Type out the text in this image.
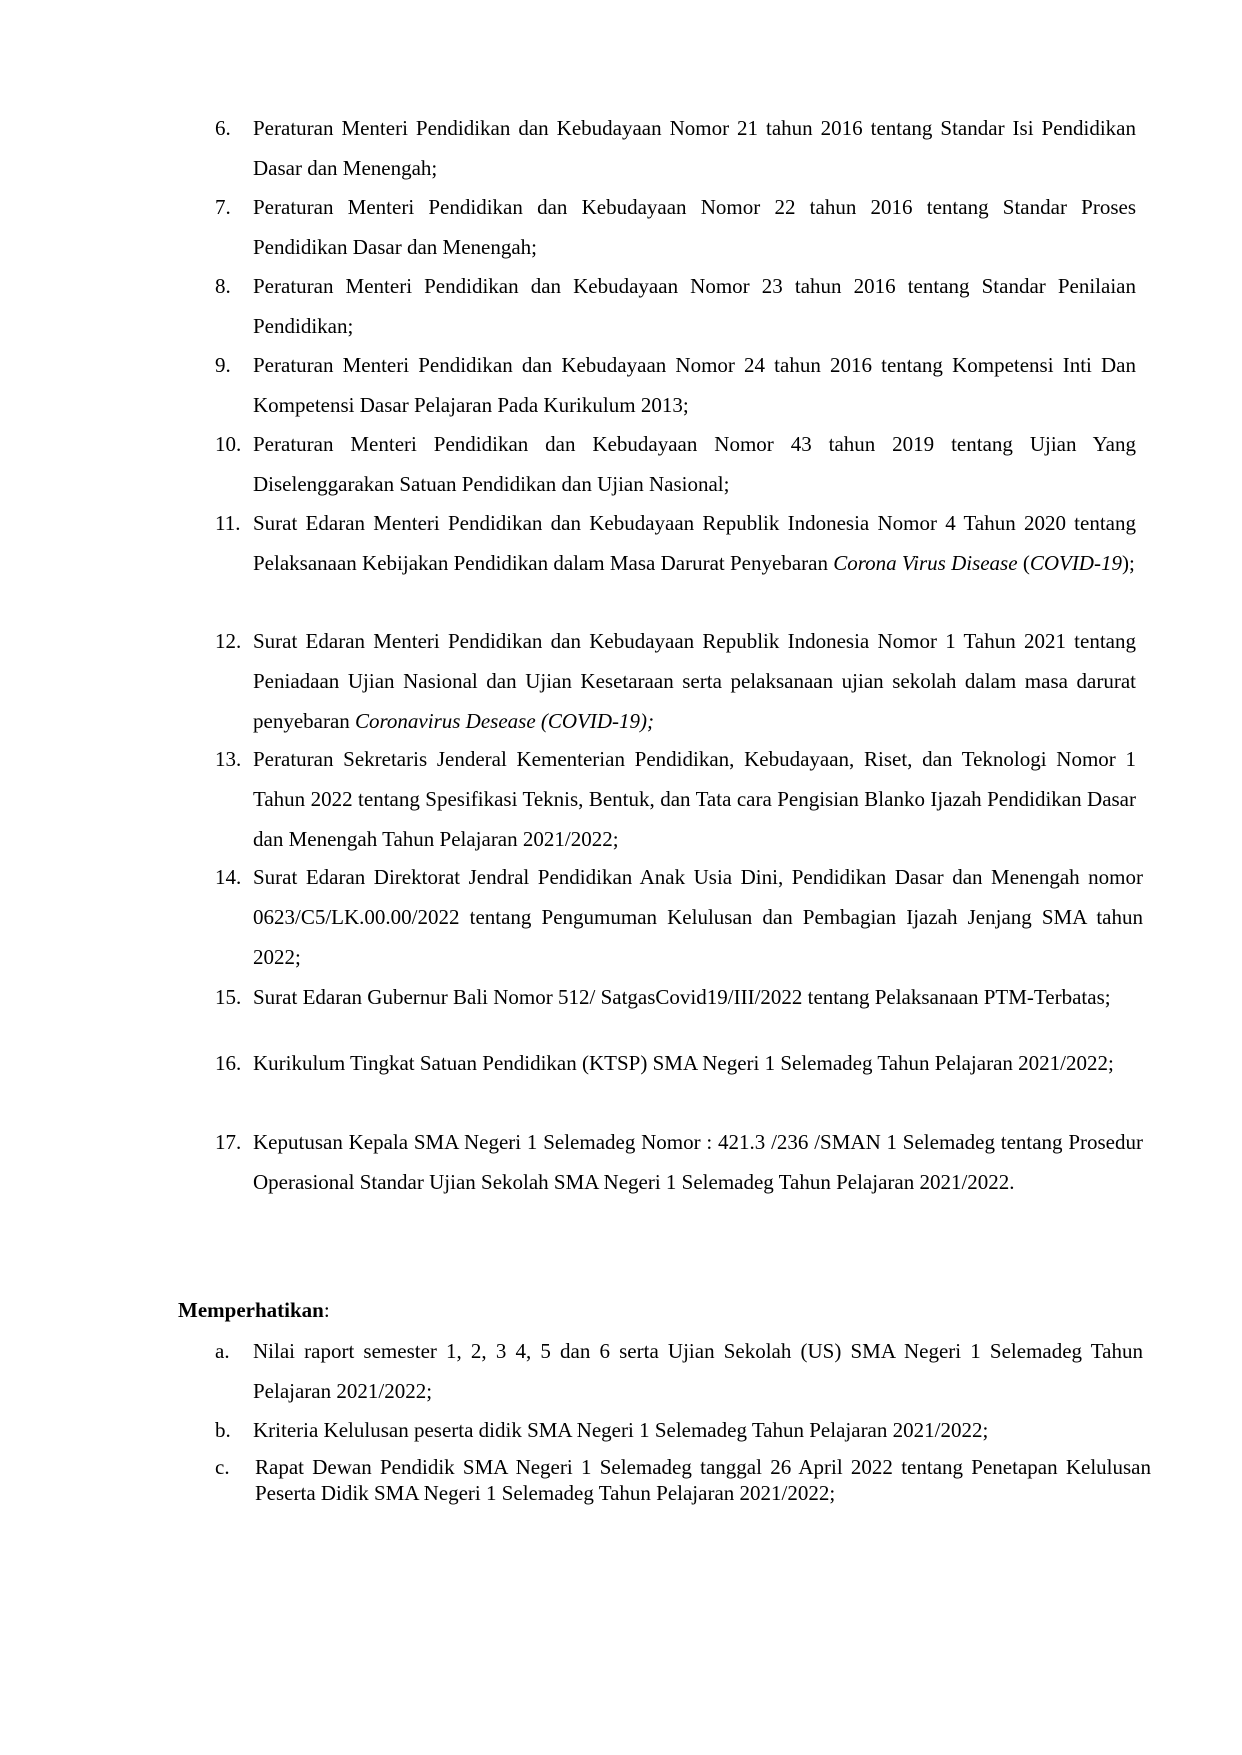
6. Peraturan Menteri Pendidikan dan Kebudayaan Nomor 21 tahun 2016 tentang Standar Isi Pendidikan Dasar dan Menengah;
7. Peraturan Menteri Pendidikan dan Kebudayaan Nomor 22 tahun 2016 tentang Standar Proses Pendidikan Dasar dan Menengah;
8. Peraturan Menteri Pendidikan dan Kebudayaan Nomor 23 tahun 2016 tentang Standar Penilaian Pendidikan;
9. Peraturan Menteri Pendidikan dan Kebudayaan Nomor 24 tahun 2016 tentang Kompetensi Inti Dan Kompetensi Dasar Pelajaran Pada Kurikulum 2013;
10. Peraturan Menteri Pendidikan dan Kebudayaan Nomor 43 tahun 2019 tentang Ujian Yang Diselenggarakan Satuan Pendidikan dan Ujian Nasional;
11. Surat Edaran Menteri Pendidikan dan Kebudayaan Republik Indonesia Nomor 4 Tahun 2020 tentang Pelaksanaan Kebijakan Pendidikan dalam Masa Darurat Penyebaran Corona Virus Disease (COVID-19);
12. Surat Edaran Menteri Pendidikan dan Kebudayaan Republik Indonesia Nomor 1 Tahun 2021 tentang Peniadaan Ujian Nasional dan Ujian Kesetaraan serta pelaksanaan ujian sekolah dalam masa darurat penyebaran Coronavirus Desease (COVID-19);
13. Peraturan Sekretaris Jenderal Kementerian Pendidikan, Kebudayaan, Riset, dan Teknologi Nomor 1 Tahun 2022 tentang Spesifikasi Teknis, Bentuk, dan Tata cara Pengisian Blanko Ijazah Pendidikan Dasar dan Menengah Tahun Pelajaran 2021/2022;
14. Surat Edaran Direktorat Jendral Pendidikan Anak Usia Dini, Pendidikan Dasar dan Menengah nomor 0623/C5/LK.00.00/2022 tentang Pengumuman Kelulusan dan Pembagian Ijazah Jenjang SMA tahun 2022;
15. Surat Edaran Gubernur Bali Nomor 512/ SatgasCovid19/III/2022 tentang Pelaksanaan PTM-Terbatas;
16. Kurikulum Tingkat Satuan Pendidikan (KTSP) SMA Negeri 1 Selemadeg Tahun Pelajaran 2021/2022;
17. Keputusan Kepala SMA Negeri 1 Selemadeg Nomor : 421.3 /236 /SMAN 1 Selemadeg tentang Prosedur Operasional Standar Ujian Sekolah SMA Negeri 1 Selemadeg Tahun Pelajaran 2021/2022.
Memperhatikan:
a. Nilai raport semester 1, 2, 3 4, 5 dan 6 serta Ujian Sekolah (US) SMA Negeri 1 Selemadeg Tahun Pelajaran 2021/2022;
b. Kriteria Kelulusan peserta didik SMA Negeri 1 Selemadeg Tahun Pelajaran 2021/2022;
c. Rapat Dewan Pendidik SMA Negeri 1 Selemadeg tanggal 26 April 2022 tentang Penetapan Kelulusan Peserta Didik SMA Negeri 1 Selemadeg Tahun Pelajaran 2021/2022;
